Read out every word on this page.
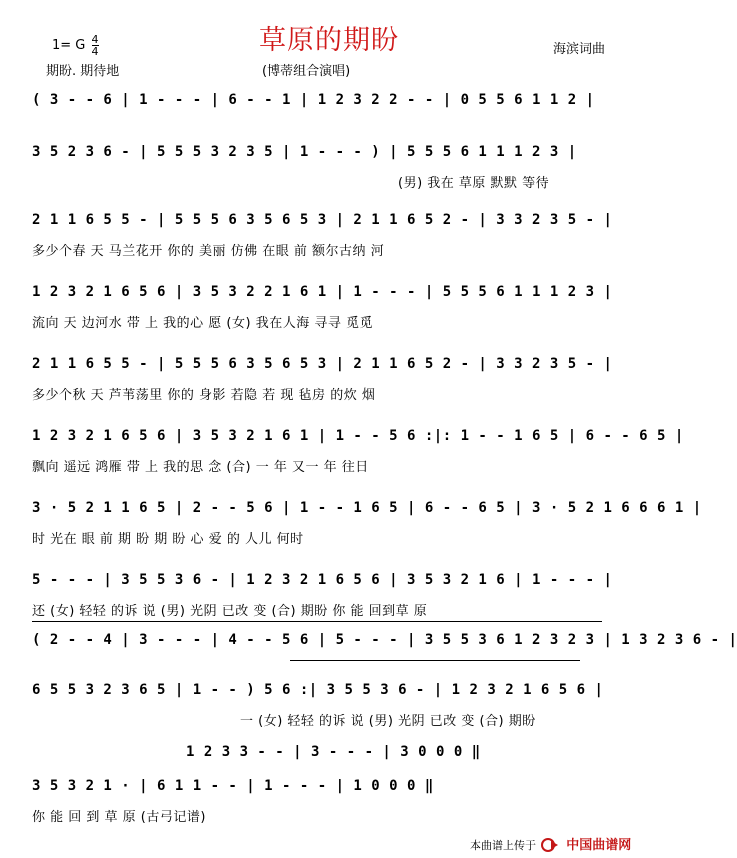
草原的期盼
1= G $\frac{4}{4}$	海滨词曲
期盼. 期待地	(博蒂组合演唱)
( 3 - - 6 | 1 - - - | 6 - - 1 | 1 2 3 2 2 - - | 0 5 5 6 1 1 2 |
3 5 2 3 6 - | 5 5 5 3 2 3 5 | 1 - - - ) | 5 5 5 6 1 1 1 2 3 |
(男) 我在 草原 默默 等待
2 1 1 6 5 5 - | 5 5 5 6 3 5 6 5 3 | 2 1 1 6 5 2 - | 3 3 2 3 5 - |
多少个春 天 马兰花开 你的 美丽 仿佛 在眼 前 额尔古纳 河
1 2 3 2 1 6 5 6 | 3 5 3 2 2 1 6 1 | 1 - - - | 5 5 5 6 1 1 1 2 3 |
流向 天 边河水 带 上 我的心 愿 (女) 我在人海 寻寻 觅觅
2 1 1 6 5 5 - | 5 5 5 6 3 5 6 5 3 | 2 1 1 6 5 2 - | 3 3 2 3 5 - |
多少个秋 天 芦苇荡里 你的 身影 若隐 若 现 毡房 的炊 烟
1 2 3 2 1 6 5 6 | 3 5 3 2 1 6 1 | 1 - - 5 6 :|: 1 - - 1 6 5 | 6 - - 6 5 |
飘向 遥远 鸿雁 带 上 我的思 念 (合) 一 年 又一 年 往日
3 · 5 2 1 1 6 5 | 2 - - 5 6 | 1 - - 1 6 5 | 6 - - 6 5 | 3 · 5 2 1 6 6 6 1 |
时 光在 眼 前 期 盼 期 盼 心 爱 的 人儿 何时
5 - - - | 3 5 5 3 6 - | 1 2 3 2 1 6 5 6 | 3 5 3 2 1 6 | 1 - - - |
还 (女) 轻轻 的诉 说 (男) 光阴 已改 变 (合) 期盼 你 能 回到草 原
( 2 - - 4 | 3 - - - | 4 - - 5 6 | 5 - - - | 3 5 5 3 6 1 2 3 2 3 | 1 3 2 3 6 - |
6 5 5 3 2 3 6 5 | 1 - - ) 5 6 :| 3 5 5 3 6 - | 1 2 3 2 1 6 5 6 |
一 (女) 轻轻 的诉 说 (男) 光阴 已改 变 (合) 期盼
1 2 3 3 - - | 3 - - - | 3 0 0 0 ‖
3 5 3 2 1 · | 6 1 1 - - | 1 - - - | 1 0 0 0 ‖
你 能 回 到 草 原 (古弓记谱)
本曲谱上传于 中国曲谱网
